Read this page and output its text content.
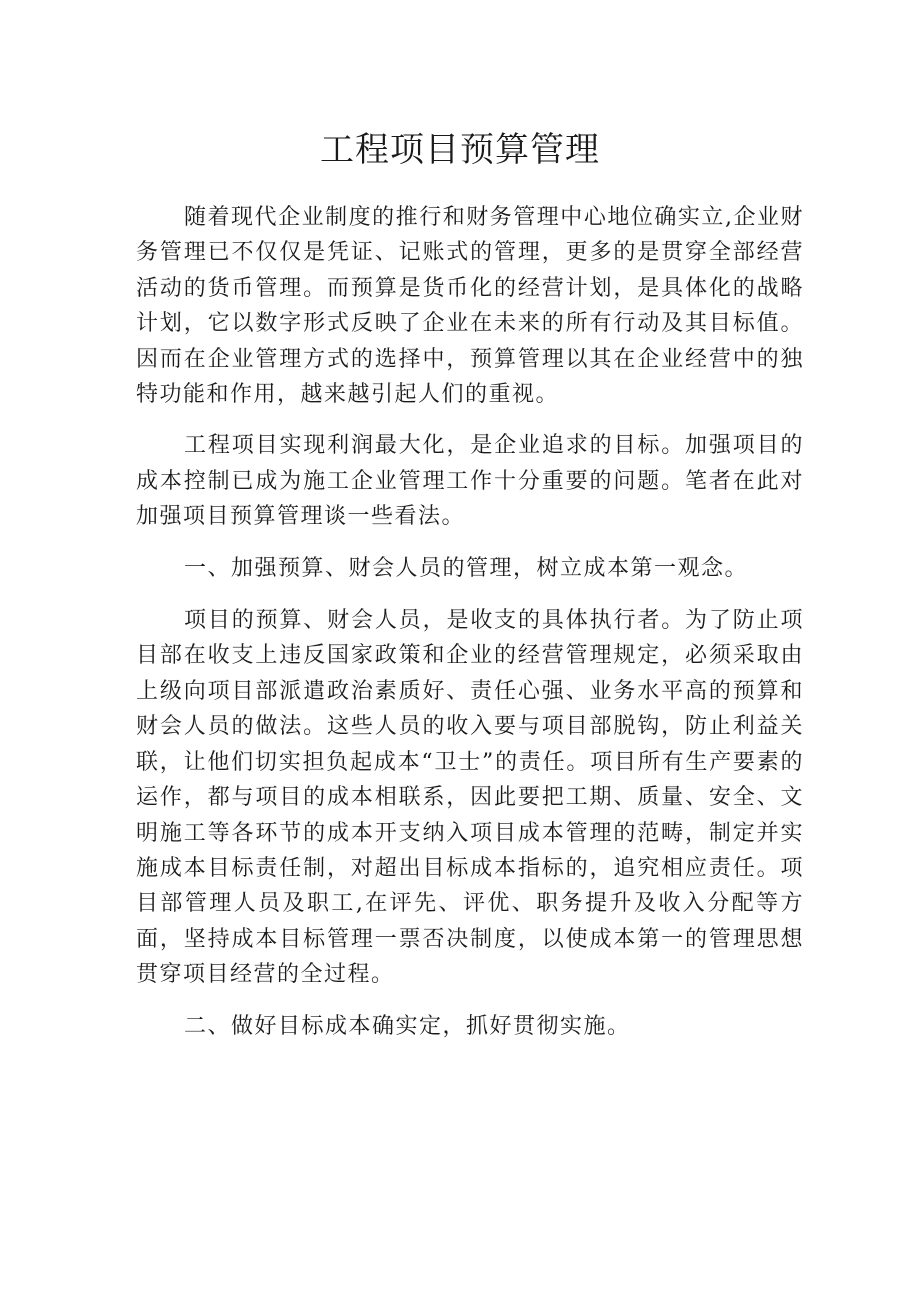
工程项目预算管理

随着现代企业制度的推行和财务管理中心地位确实立,企业财务管理已不仅仅是凭证、记账式的管理，更多的是贯穿全部经营活动的货币管理。而预算是货币化的经营计划，是具体化的战略计划，它以数字形式反映了企业在未来的所有行动及其目标值。因而在企业管理方式的选择中，预算管理以其在企业经营中的独特功能和作用，越来越引起人们的重视。

工程项目实现利润最大化，是企业追求的目标。加强项目的成本控制已成为施工企业管理工作十分重要的问题。笔者在此对加强项目预算管理谈一些看法。

一、加强预算、财会人员的管理，树立成本第一观念。

项目的预算、财会人员，是收支的具体执行者。为了防止项目部在收支上违反国家政策和企业的经营管理规定，必须采取由上级向项目部派遣政治素质好、责任心强、业务水平高的预算和财会人员的做法。这些人员的收入要与项目部脱钩，防止利益关联，让他们切实担负起成本“卫士”的责任。项目所有生产要素的运作，都与项目的成本相联系，因此要把工期、质量、安全、文明施工等各环节的成本开支纳入项目成本管理的范畴，制定并实施成本目标责任制，对超出目标成本指标的，追究相应责任。项目部管理人员及职工,在评先、评优、职务提升及收入分配等方面，坚持成本目标管理一票否决制度，以使成本第一的管理思想贯穿项目经营的全过程。

二、做好目标成本确实定，抓好贯彻实施。
